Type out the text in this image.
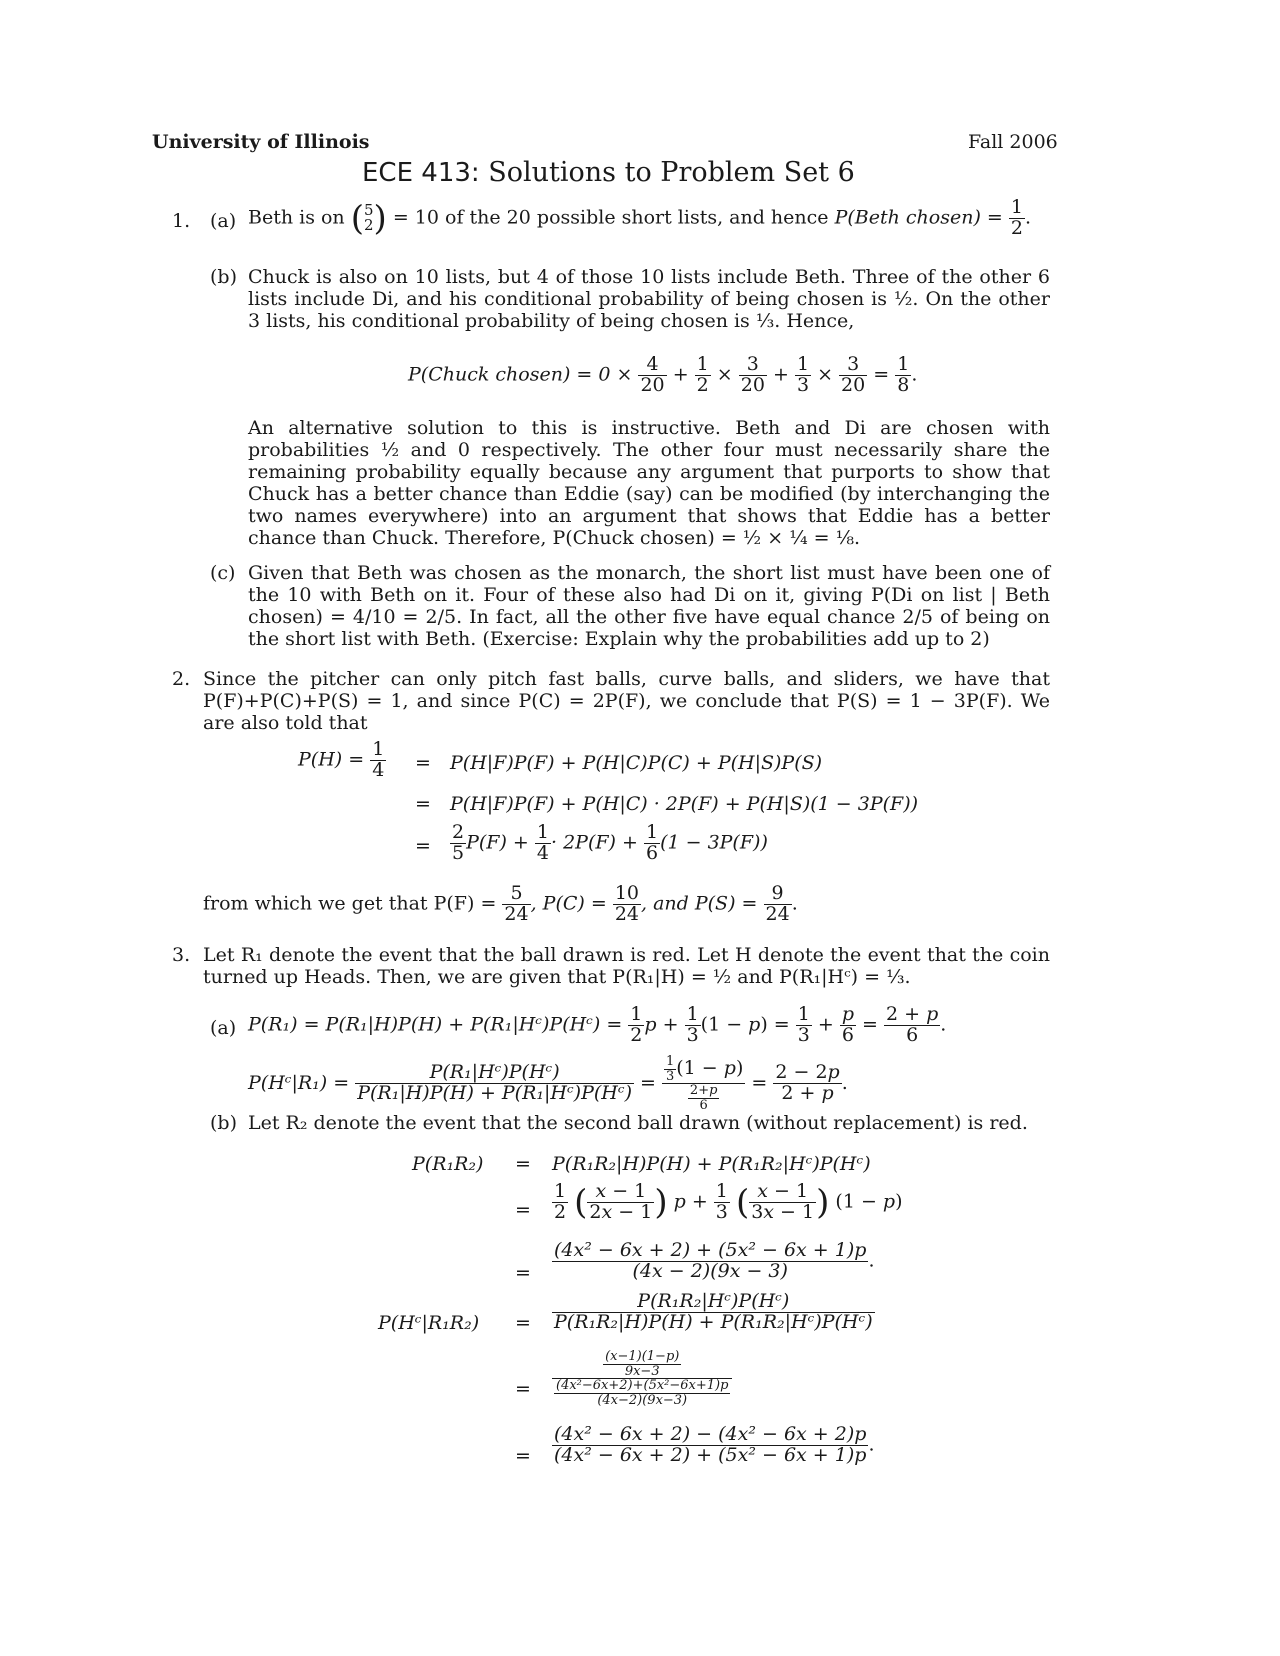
University of Illinois	Fall 2006
ECE 413: Solutions to Problem Set 6
1. (a) Beth is on ( 5
2 ) = 10 of the 20 possible short lists, and hence P(Beth chosen) = $\frac{1}{2}$ .
(b) Chuck is also on 10 lists, but 4 of those 10 lists include Beth. Three of the other 6 lists include Di, and his conditional probability of being chosen is ½. On the other 3 lists, his conditional probability of being chosen is ⅓. Hence,
P(Chuck chosen) = $0 \times \frac{4}{20} + \frac{1}{2} \times \frac{3}{20} + \frac{1}{3} \times \frac{3}{20} = \frac{1}{8}$ .
An alternative solution to this is instructive. Beth and Di are chosen with probabilities ½ and 0 respectively. The other four must necessarily share the remaining probability equally because any argument that purports to show that Chuck has a better chance than Eddie (say) can be modified (by interchanging the two names everywhere) into an argument that shows that Eddie has a better chance than Chuck. Therefore, P(Chuck chosen) = ½ × ¼ = ⅛.
(c) Given that Beth was chosen as the monarch, the short list must have been one of the 10 with Beth on it. Four of these also had Di on it, giving P(Di on list | Beth chosen) = 4/10 = 2/5. In fact, all the other five have equal chance 2/5 of being on the short list with Beth. (Exercise: Explain why the probabilities add up to 2)
2. Since the pitcher can only pitch fast balls, curve balls, and sliders, we have that P(F)+P(C)+P(S) = 1, and since P(C) = 2P(F), we conclude that P(S) = 1 − 3P(F). We are also told that
$P(H) = \frac{1}{4} = P(H|F)P(F) + P(H|C)P(C) + P(H|S)P(S)$
= P(H|F)P(F) + P(H|C) · 2P(F) + P(H|S)(1 − 3P(F))
= $\frac{2}{5} P(F) + \frac{1}{4} \cdot 2P(F) + \frac{1}{6} (1 - 3P(F))$
from which we get that $P(F) = \frac{5}{24}$ , $P(C) = \frac{10}{24}$ , and $P(S) = \frac{9}{24}$ .
3. Let R₁ denote the event that the ball drawn is red. Let H denote the event that the coin turned up Heads. Then, we are given that P(R₁|H) = ½ and P(R₁|Hᶜ) = ⅓.
(a) P(R₁) = P(R₁|H)P(H) + P(R₁|Hᶜ)P(Hᶜ) = $\frac{1}{2}$ $p + \frac{1}{3} (1 - p) = \frac{1}{3} + \frac{p}{6} = \frac{2 + p}{6}$ .
P(Hᶜ|R₁) = $\frac{\text{P(R₁|Hᶜ)P(Hᶜ)}}{\text{P(R₁|H)P(H) + P(R₁|Hᶜ)P(Hᶜ)}} = \frac{\frac{1}{3} (1 - p)}{\frac{2+p}{6}} = \frac{2 - 2p}{2 + p}$ .
(b) Let R₂ denote the event that the second ball drawn (without replacement) is red.
P(R₁R₂) = P(R₁R₂|H)P(H) + P(R₁R₂|Hᶜ)P(Hᶜ)
= $\frac{1}{2}$ ( $\frac{x - 1}{2x - 1}$ ) $p + \frac{1}{3}$ ( $\frac{x - 1}{3x - 1}$ ) (1 − p)
= $\frac{\text{(4x² − 6x + 2) + (5x² − 6x + 1)p}}{(4x - 2)(9x - 3)}$ .
P(Hᶜ|R₁R₂) = $\frac{\text{P(R₁R₂|Hᶜ)P(Hᶜ)}}{\text{P(R₁R₂|H)P(H) + P(R₁R₂|Hᶜ)P(Hᶜ)}}$
= $\frac{\frac{(x-1)(1-p)}{9x-3}}{\frac{\text{(4x²−6x+2)+(5x²−6x+1)p}}{(4x-2)(9x-3)}}$
= $\frac{\text{(4x² − 6x + 2) − (4x² − 6x + 2)p}}{\text{(4x² − 6x + 2) + (5x² − 6x + 1)p}}$ .
